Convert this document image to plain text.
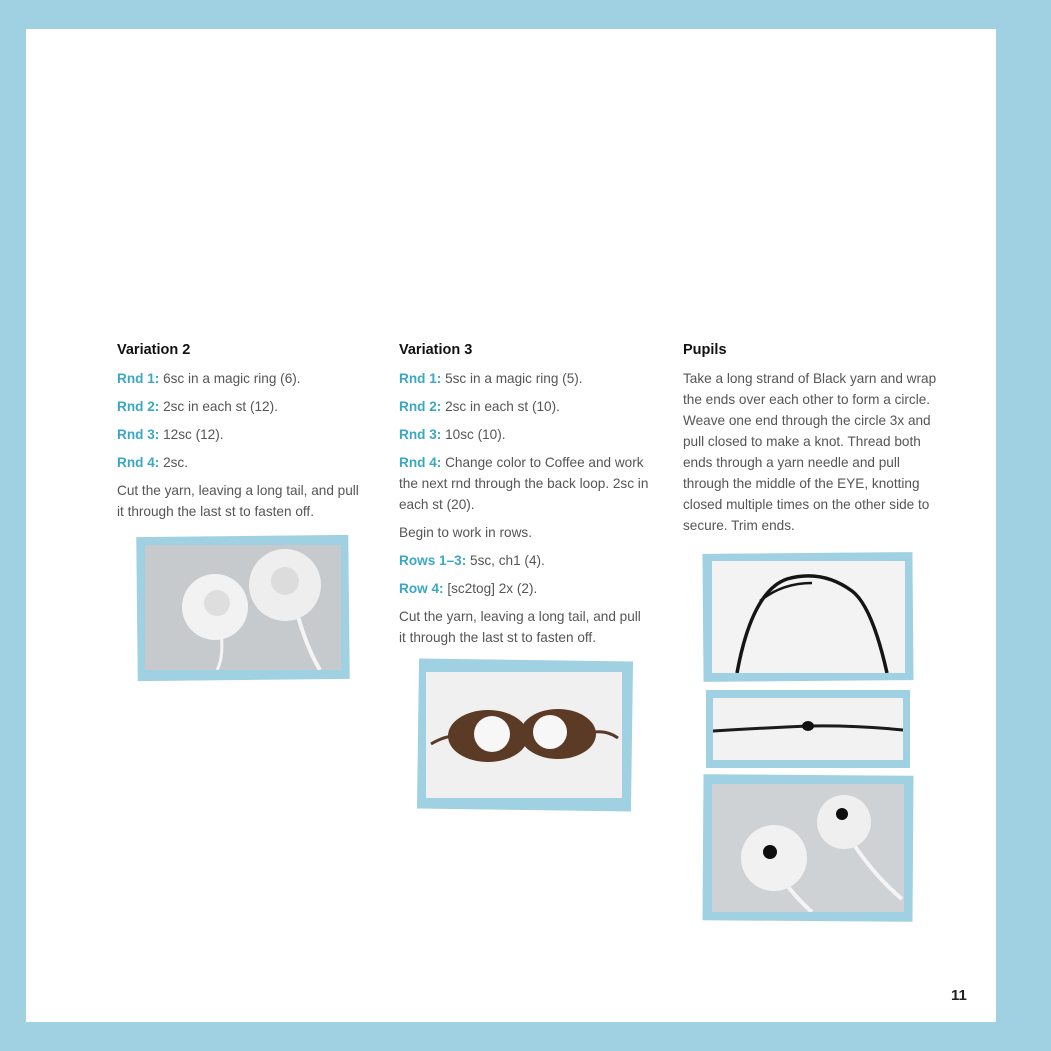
Variation 2
Rnd 1: 6sc in a magic ring (6).
Rnd 2: 2sc in each st (12).
Rnd 3: 12sc (12).
Rnd 4: 2sc.
Cut the yarn, leaving a long tail, and pull it through the last st to fasten off.
Variation 3
Rnd 1: 5sc in a magic ring (5).
Rnd 2: 2sc in each st (10).
Rnd 3: 10sc (10).
Rnd 4: Change color to Coffee and work the next rnd through the back loop. 2sc in each st (20).
Begin to work in rows.
Rows 1–3: 5sc, ch1 (4).
Row 4: [sc2tog] 2x (2).
Cut the yarn, leaving a long tail, and pull it through the last st to fasten off.
Pupils
Take a long strand of Black yarn and wrap the ends over each other to form a circle. Weave one end through the circle 3x and pull closed to make a knot. Thread both ends through a yarn needle and pull through the middle of the EYE, knotting closed multiple times on the other side to secure. Trim ends.
11
